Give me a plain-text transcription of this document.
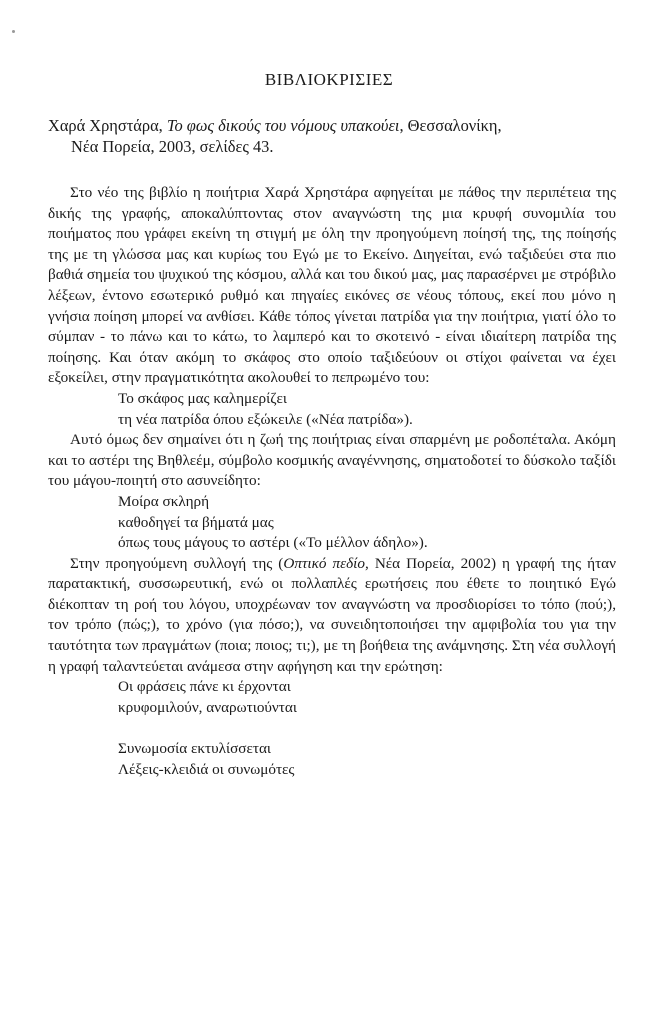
ΒΙΒΛΙΟΚΡΙΣΙΕΣ
Χαρά Χρηστάρα, Το φως δικούς του νόμους υπακούει, Θεσσαλονίκη,
Νέα Πορεία, 2003, σελίδες 43.

Στο νέο της βιβλίο η ποιήτρια Χαρά Χρηστάρα αφηγείται με πάθος την περιπέτεια της δικής της γραφής, αποκαλύπτοντας στον αναγνώστη της μια κρυφή συνομιλία του ποιήματος που γράφει εκείνη τη στιγμή με όλη την προηγούμενη ποίησή της, της ποίησής της με τη γλώσσα μας και κυρίως του Εγώ με το Εκείνο. Διηγείται, ενώ ταξιδεύει στα πιο βαθιά σημεία του ψυχικού της κόσμου, αλλά και του δικού μας, μας παρασέρνει με στρόβιλο λέξεων, έντονο εσωτερικό ρυθμό και πηγαίες εικόνες σε νέους τόπους, εκεί που μόνο η γνήσια ποίηση μπορεί να ανθίσει. Κάθε τόπος γίνεται πατρίδα για την ποιήτρια, γιατί όλο το σύμπαν - το πάνω και το κάτω, το λαμπερό και το σκοτεινό - είναι ιδιαίτερη πατρίδα της ποίησης. Και όταν ακόμη το σκάφος στο οποίο ταξιδεύουν οι στίχοι φαίνεται να έχει εξοκείλει, στην πραγματικότητα ακολουθεί το πεπρωμένο του:

Το σκάφος μας καλημερίζει

τη νέα πατρίδα όπου εξώκειλε («Νέα πατρίδα»).

Αυτό όμως δεν σημαίνει ότι η ζωή της ποιήτριας είναι σπαρμένη με ροδοπέταλα. Ακόμη και το αστέρι της Βηθλεέμ, σύμβολο κοσμικής αναγέννησης, σηματοδοτεί το δύσκολο ταξίδι του μάγου-ποιητή στο ασυνείδητο:

Μοίρα σκληρή

καθοδηγεί τα βήματά μας

όπως τους μάγους το αστέρι («Το μέλλον άδηλο»).

Στην προηγούμενη συλλογή της (Οπτικό πεδίο, Νέα Πορεία, 2002) η γραφή της ήταν παρατακτική, συσσωρευτική, ενώ οι πολλαπλές ερωτήσεις που έθετε το ποιητικό Εγώ διέκοπταν τη ροή του λόγου, υποχρέωναν τον αναγνώστη να προσδιορίσει το τόπο (πού;), τον τρόπο (πώς;), το χρόνο (για πόσο;), να συνειδητοποιήσει την αμφιβολία του για την ταυτότητα των πραγμάτων (ποια; ποιος; τι;), με τη βοήθεια της ανάμνησης. Στη νέα συλλογή η γραφή ταλαντεύεται ανάμεσα στην αφήγηση και την ερώτηση:

Οι φράσεις πάνε κι έρχονται

κρυφομιλούν, αναρωτιούνται

Συνωμοσία εκτυλίσσεται

Λέξεις-κλειδιά οι συνωμότες
